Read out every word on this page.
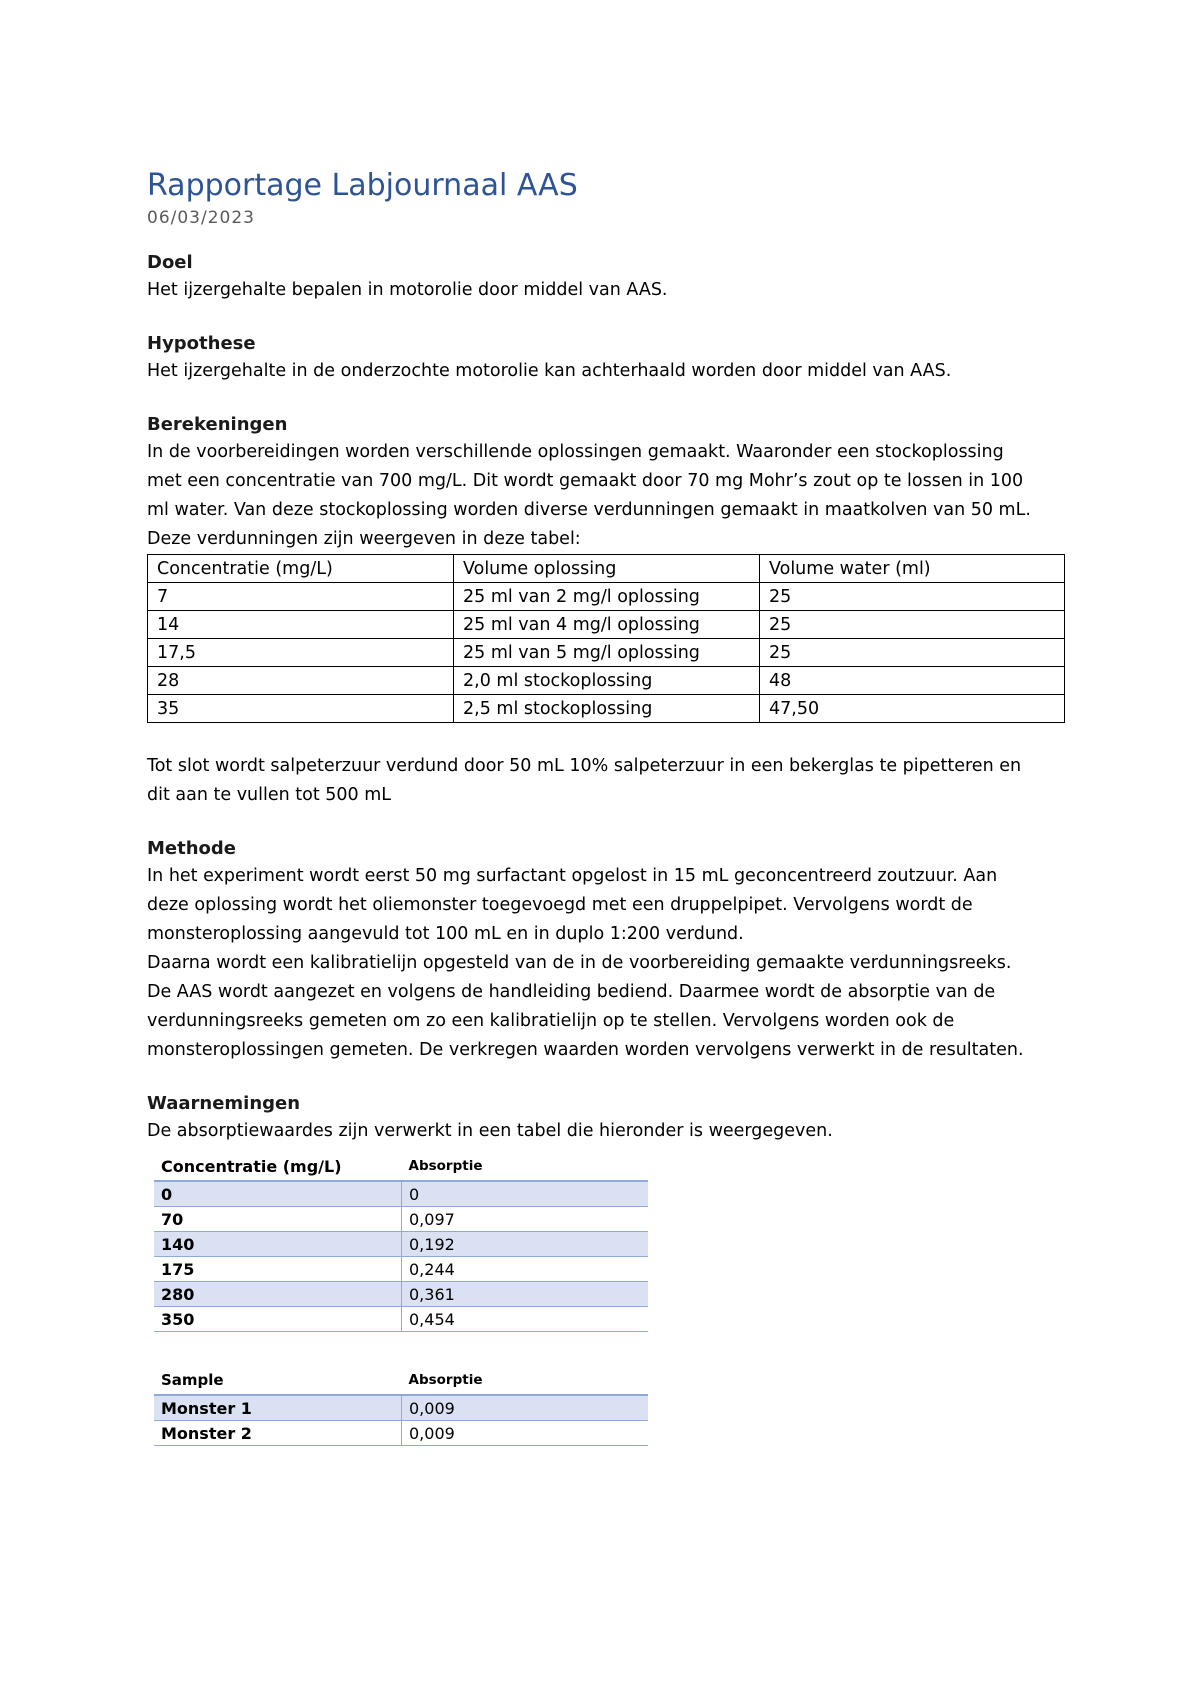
Rapportage Labjournaal AAS

06/03/2023

Doel

Het ijzergehalte bepalen in motorolie door middel van AAS.

Hypothese

Het ijzergehalte in de onderzochte motorolie kan achterhaald worden door middel van AAS.

Berekeningen

In de voorbereidingen worden verschillende oplossingen gemaakt. Waaronder een stockoplossing

met een concentratie van 700 mg/L. Dit wordt gemaakt door 70 mg Mohr’s zout op te lossen in 100

ml water. Van deze stockoplossing worden diverse verdunningen gemaakt in maatkolven van 50 mL.

Deze verdunningen zijn weergeven in deze tabel:

Concentratie (mg/L)	Volume oplossing	Volume water (ml)
7	25 ml van 2 mg/l oplossing	25
14	25 ml van 4 mg/l oplossing	25
17,5	25 ml van 5 mg/l oplossing	25
28	2,0 ml stockoplossing	48
35	2,5 ml stockoplossing	47,50

Tot slot wordt salpeterzuur verdund door 50 mL 10% salpeterzuur in een bekerglas te pipetteren en

dit aan te vullen tot 500 mL

Methode

In het experiment wordt eerst 50 mg surfactant opgelost in 15 mL geconcentreerd zoutzuur. Aan

deze oplossing wordt het oliemonster toegevoegd met een druppelpipet. Vervolgens wordt de

monsteroplossing aangevuld tot 100 mL en in duplo 1:200 verdund.

Daarna wordt een kalibratielijn opgesteld van de in de voorbereiding gemaakte verdunningsreeks.

De AAS wordt aangezet en volgens de handleiding bediend. Daarmee wordt de absorptie van de

verdunningsreeks gemeten om zo een kalibratielijn op te stellen. Vervolgens worden ook de

monsteroplossingen gemeten. De verkregen waarden worden vervolgens verwerkt in de resultaten.

Waarnemingen

De absorptiewaardes zijn verwerkt in een tabel die hieronder is weergegeven.

Concentratie (mg/L)	Absorptie
0	0
70	0,097
140	0,192
175	0,244
280	0,361
350	0,454
Sample	Absorptie
Monster 1	0,009
Monster 2	0,009
